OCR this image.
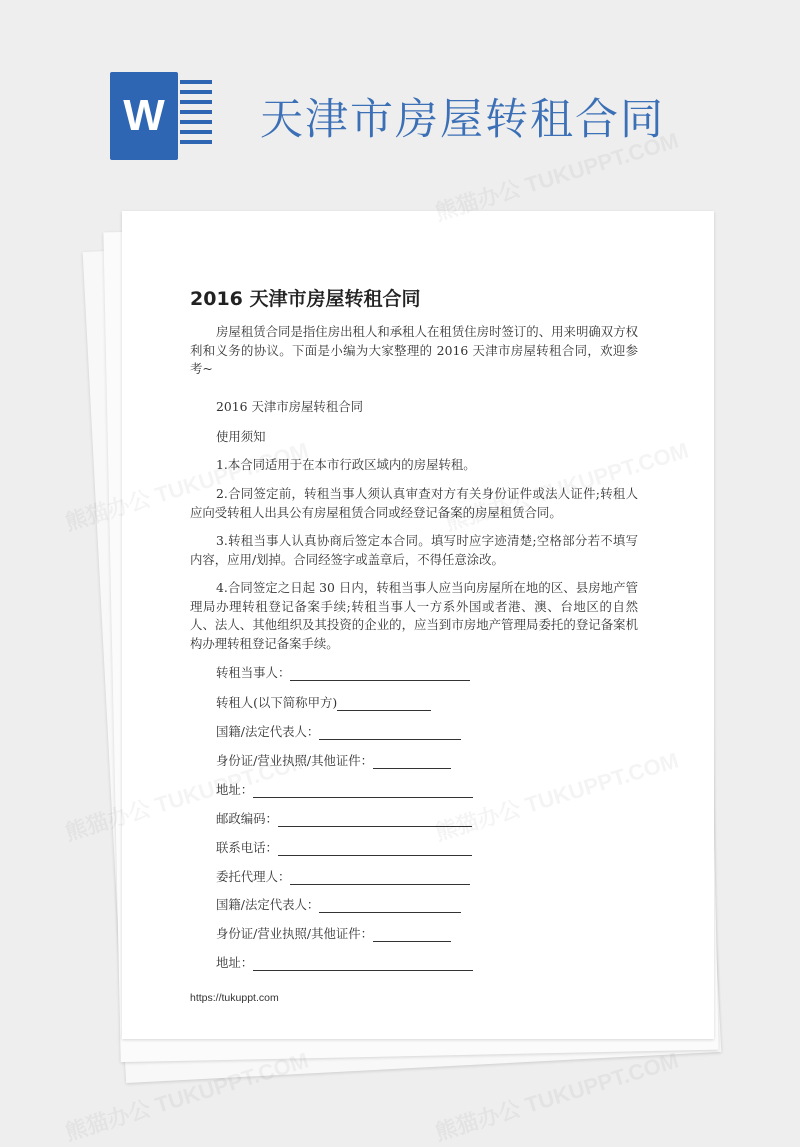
W	天津市房屋转租合同
2016 天津市房屋转租合同
房屋租赁合同是指住房出租人和承租人在租赁住房时签订的、用来明确双方权利和义务的协议。下面是小编为大家整理的 2016 天津市房屋转租合同，欢迎参考~
2016 天津市房屋转租合同
使用须知
1.本合同适用于在本市行政区域内的房屋转租。
2.合同签定前，转租当事人须认真审查对方有关身份证件或法人证件;转租人应向受转租人出具公有房屋租赁合同或经登记备案的房屋租赁合同。
3.转租当事人认真协商后签定本合同。填写时应字迹清楚;空格部分若不填写内容，应用/划掉。合同经签字或盖章后，不得任意涂改。
4.合同签定之日起 30 日内，转租当事人应当向房屋所在地的区、县房地产管理局办理转租登记备案手续;转租当事人一方系外国或者港、澳、台地区的自然人、法人、其他组织及其投资的企业的，应当到市房地产管理局委托的登记备案机构办理转租登记备案手续。
转租当事人：
转租人(以下简称甲方)
国籍/法定代表人：
身份证/营业执照/其他证件：
地址：
邮政编码：
联系电话：
委托代理人：
国籍/法定代表人：
身份证/营业执照/其他证件：
地址：
https://tukuppt.com
